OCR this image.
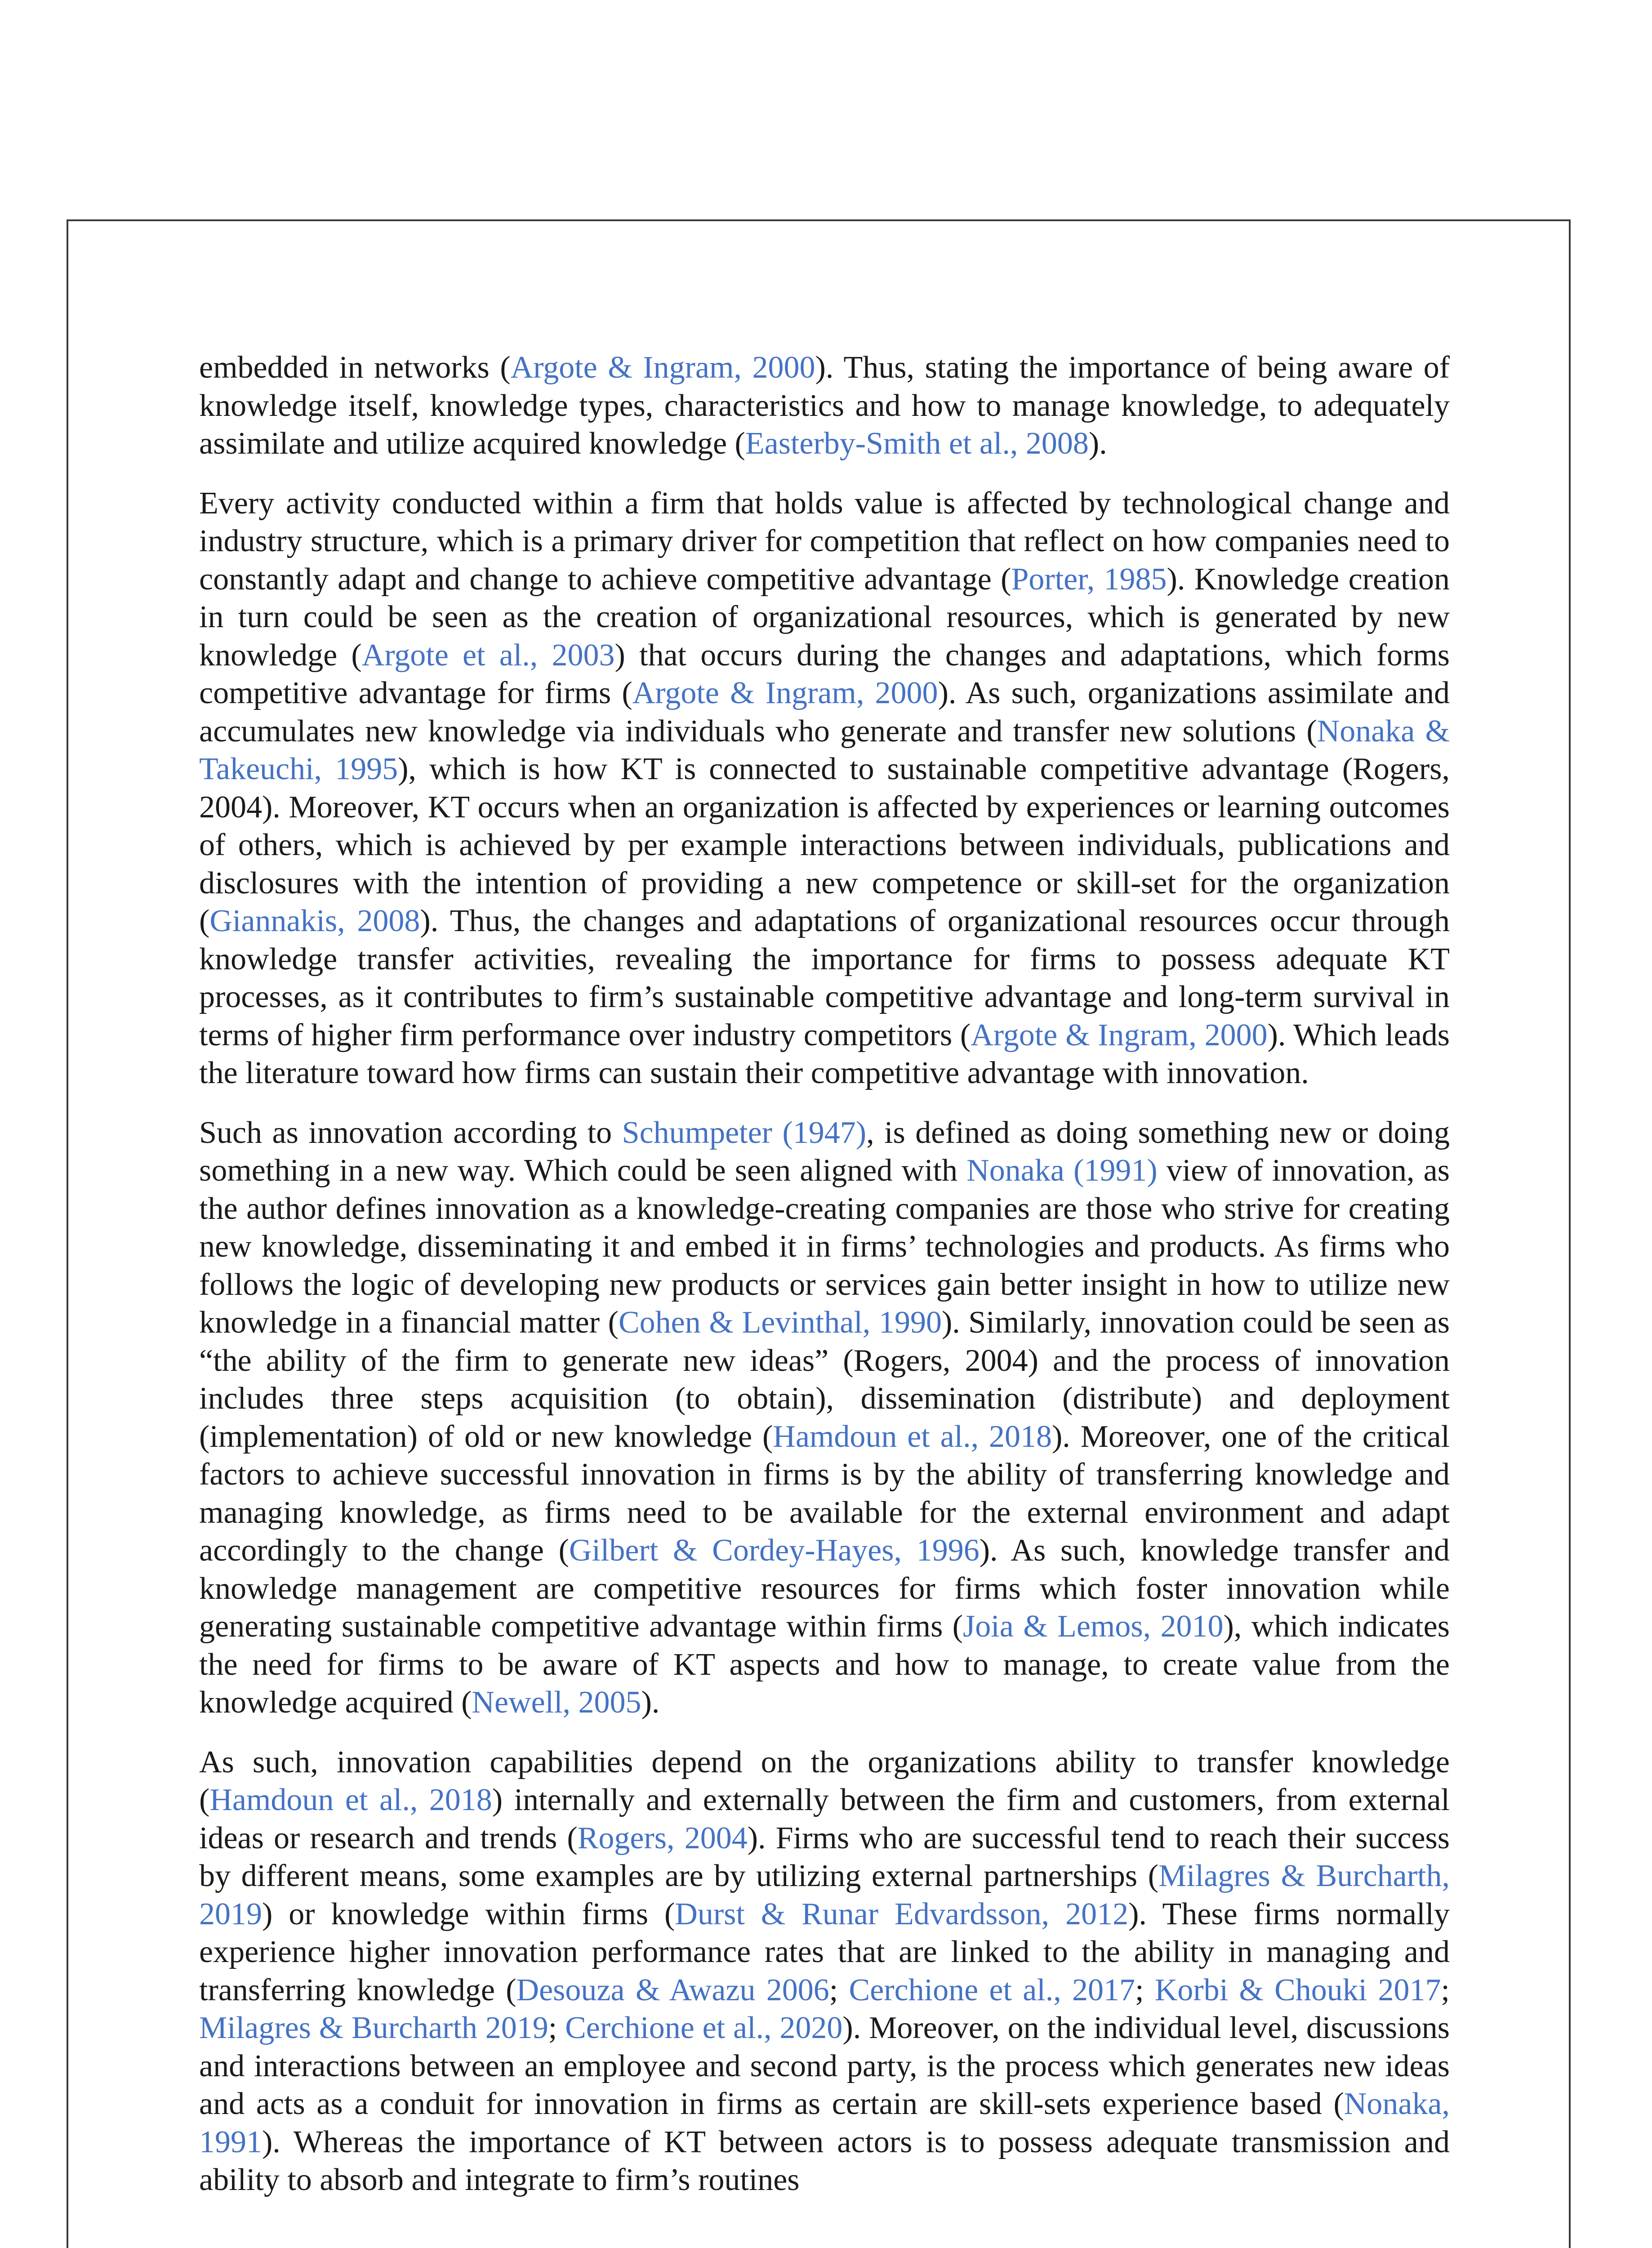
embedded in networks (Argote & Ingram, 2000). Thus, stating the importance of being aware of knowledge itself, knowledge types, characteristics and how to manage knowledge, to adequately assimilate and utilize acquired knowledge (Easterby-Smith et al., 2008).

Every activity conducted within a firm that holds value is affected by technological change and industry structure, which is a primary driver for competition that reflect on how companies need to constantly adapt and change to achieve competitive advantage (Porter, 1985). Knowledge creation in turn could be seen as the creation of organizational resources, which is generated by new knowledge (Argote et al., 2003) that occurs during the changes and adaptations, which forms competitive advantage for firms (Argote & Ingram, 2000). As such, organizations assimilate and accumulates new knowledge via individuals who generate and transfer new solutions (Nonaka & Takeuchi, 1995), which is how KT is connected to sustainable competitive advantage (Rogers, 2004). Moreover, KT occurs when an organization is affected by experiences or learning outcomes of others, which is achieved by per example interactions between individuals, publications and disclosures with the intention of providing a new competence or skill-set for the organization (Giannakis, 2008). Thus, the changes and adaptations of organizational resources occur through knowledge transfer activities, revealing the importance for firms to possess adequate KT processes, as it contributes to firm’s sustainable competitive advantage and long-term survival in terms of higher firm performance over industry competitors (Argote & Ingram, 2000). Which leads the literature toward how firms can sustain their competitive advantage with innovation.

Such as innovation according to Schumpeter (1947), is defined as doing something new or doing something in a new way. Which could be seen aligned with Nonaka (1991) view of innovation, as the author defines innovation as a knowledge-creating companies are those who strive for creating new knowledge, disseminating it and embed it in firms’ technologies and products. As firms who follows the logic of developing new products or services gain better insight in how to utilize new knowledge in a financial matter (Cohen & Levinthal, 1990). Similarly, innovation could be seen as “the ability of the firm to generate new ideas” (Rogers, 2004) and the process of innovation includes three steps acquisition (to obtain), dissemination (distribute) and deployment (implementation) of old or new knowledge (Hamdoun et al., 2018). Moreover, one of the critical factors to achieve successful innovation in firms is by the ability of transferring knowledge and managing knowledge, as firms need to be available for the external environment and adapt accordingly to the change (Gilbert & Cordey-Hayes, 1996). As such, knowledge transfer and knowledge management are competitive resources for firms which foster innovation while generating sustainable competitive advantage within firms (Joia & Lemos, 2010), which indicates the need for firms to be aware of KT aspects and how to manage, to create value from the knowledge acquired (Newell, 2005).

As such, innovation capabilities depend on the organizations ability to transfer knowledge (Hamdoun et al., 2018) internally and externally between the firm and customers, from external ideas or research and trends (Rogers, 2004). Firms who are successful tend to reach their success by different means, some examples are by utilizing external partnerships (Milagres & Burcharth, 2019) or knowledge within firms (Durst & Runar Edvardsson, 2012). These firms normally experience higher innovation performance rates that are linked to the ability in managing and transferring knowledge (Desouza & Awazu 2006; Cerchione et al., 2017; Korbi & Chouki 2017; Milagres & Burcharth 2019; Cerchione et al., 2020). Moreover, on the individual level, discussions and interactions between an employee and second party, is the process which generates new ideas and acts as a conduit for innovation in firms as certain are skill-sets experience based (Nonaka, 1991). Whereas the importance of KT between actors is to possess adequate transmission and ability to absorb and integrate to firm’s routines
